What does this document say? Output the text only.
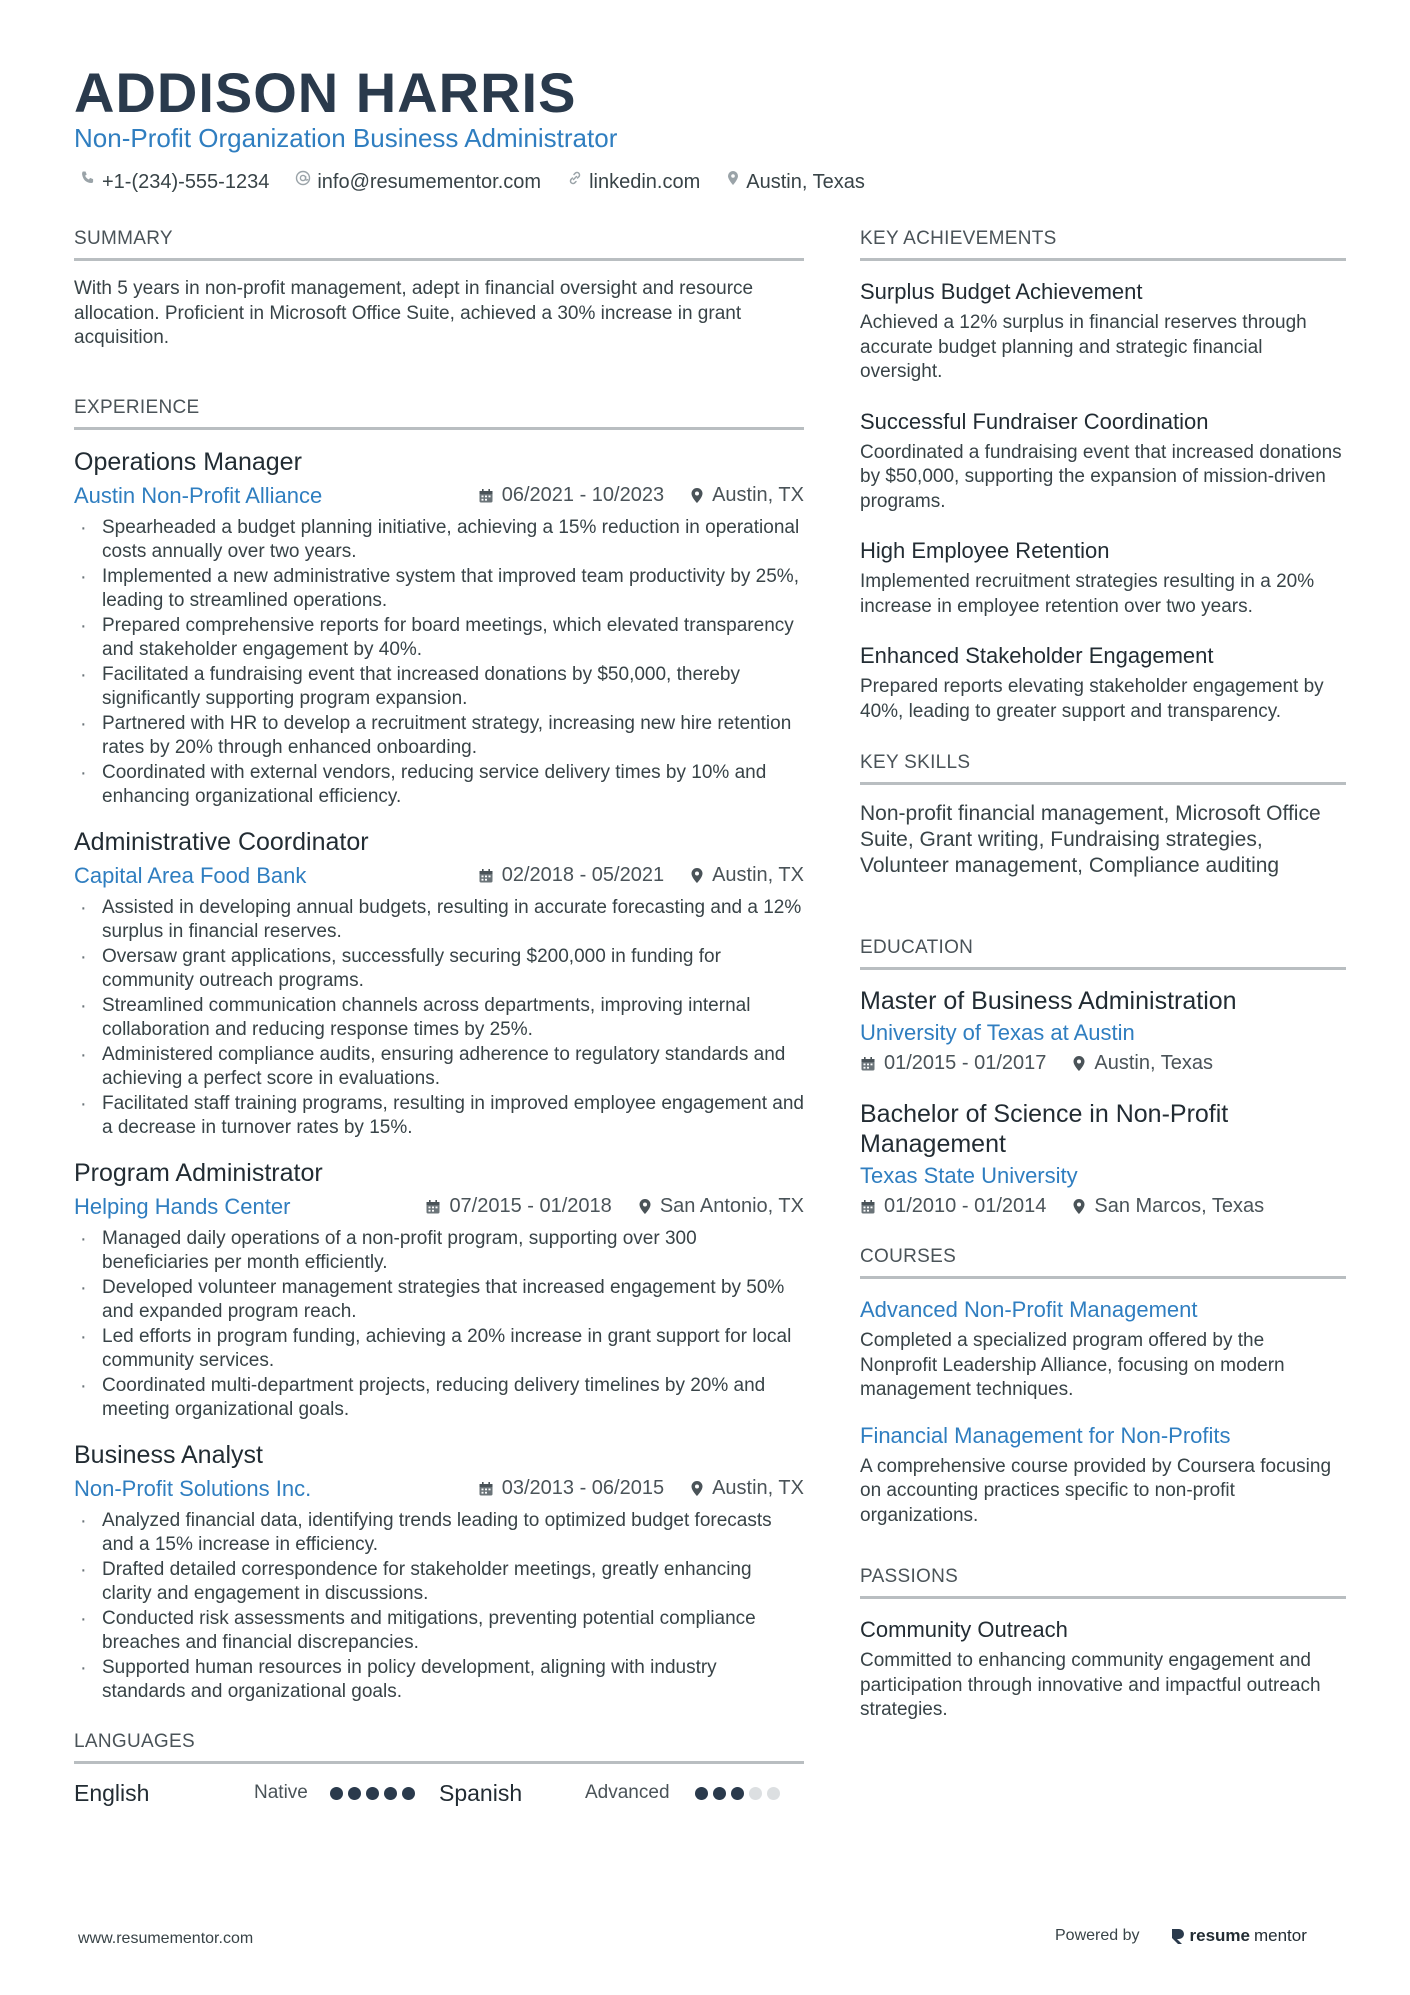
ADDISON HARRIS
Non-Profit Organization Business Administrator
+1-(234)-555-1234 info@resumementor.com linkedin.com Austin, Texas
SUMMARY
With 5 years in non-profit management, adept in financial oversight and resource allocation. Proficient in Microsoft Office Suite, achieved a 30% increase in grant acquisition.
EXPERIENCE
Operations Manager
Austin Non-Profit Alliance	06/2021 - 10/2023 Austin, TX
· Spearheaded a budget planning initiative, achieving a 15% reduction in operational costs annually over two years.
· Implemented a new administrative system that improved team productivity by 25%, leading to streamlined operations.
· Prepared comprehensive reports for board meetings, which elevated transparency and stakeholder engagement by 40%.
· Facilitated a fundraising event that increased donations by $50,000, thereby significantly supporting program expansion.
· Partnered with HR to develop a recruitment strategy, increasing new hire retention rates by 20% through enhanced onboarding.
· Coordinated with external vendors, reducing service delivery times by 10% and enhancing organizational efficiency.
Administrative Coordinator
Capital Area Food Bank	02/2018 - 05/2021 Austin, TX
· Assisted in developing annual budgets, resulting in accurate forecasting and a 12% surplus in financial reserves.
· Oversaw grant applications, successfully securing $200,000 in funding for community outreach programs.
· Streamlined communication channels across departments, improving internal collaboration and reducing response times by 25%.
· Administered compliance audits, ensuring adherence to regulatory standards and achieving a perfect score in evaluations.
· Facilitated staff training programs, resulting in improved employee engagement and a decrease in turnover rates by 15%.
Program Administrator
Helping Hands Center	07/2015 - 01/2018 San Antonio, TX
· Managed daily operations of a non-profit program, supporting over 300 beneficiaries per month efficiently.
· Developed volunteer management strategies that increased engagement by 50% and expanded program reach.
· Led efforts in program funding, achieving a 20% increase in grant support for local community services.
· Coordinated multi-department projects, reducing delivery timelines by 20% and meeting organizational goals.
Business Analyst
Non-Profit Solutions Inc.	03/2013 - 06/2015 Austin, TX
· Analyzed financial data, identifying trends leading to optimized budget forecasts and a 15% increase in efficiency.
· Drafted detailed correspondence for stakeholder meetings, greatly enhancing clarity and engagement in discussions.
· Conducted risk assessments and mitigations, preventing potential compliance breaches and financial discrepancies.
· Supported human resources in policy development, aligning with industry standards and organizational goals.
LANGUAGES
English	Native	Spanish	Advanced
KEY ACHIEVEMENTS
Surplus Budget Achievement
Achieved a 12% surplus in financial reserves through accurate budget planning and strategic financial oversight.
Successful Fundraiser Coordination
Coordinated a fundraising event that increased donations by $50,000, supporting the expansion of mission-driven programs.
High Employee Retention
Implemented recruitment strategies resulting in a 20% increase in employee retention over two years.
Enhanced Stakeholder Engagement
Prepared reports elevating stakeholder engagement by 40%, leading to greater support and transparency.
KEY SKILLS
Non-profit financial management, Microsoft Office Suite, Grant writing, Fundraising strategies, Volunteer management, Compliance auditing
EDUCATION
Master of Business Administration
University of Texas at Austin
01/2015 - 01/2017 Austin, Texas
Bachelor of Science in Non-Profit Management
Texas State University
01/2010 - 01/2014 San Marcos, Texas
COURSES
Advanced Non-Profit Management
Completed a specialized program offered by the Nonprofit Leadership Alliance, focusing on modern management techniques.
Financial Management for Non-Profits
A comprehensive course provided by Coursera focusing on accounting practices specific to non-profit organizations.
PASSIONS
Community Outreach
Committed to enhancing community engagement and participation through innovative and impactful outreach strategies.
www.resumementor.com	Powered by	resume mentor
